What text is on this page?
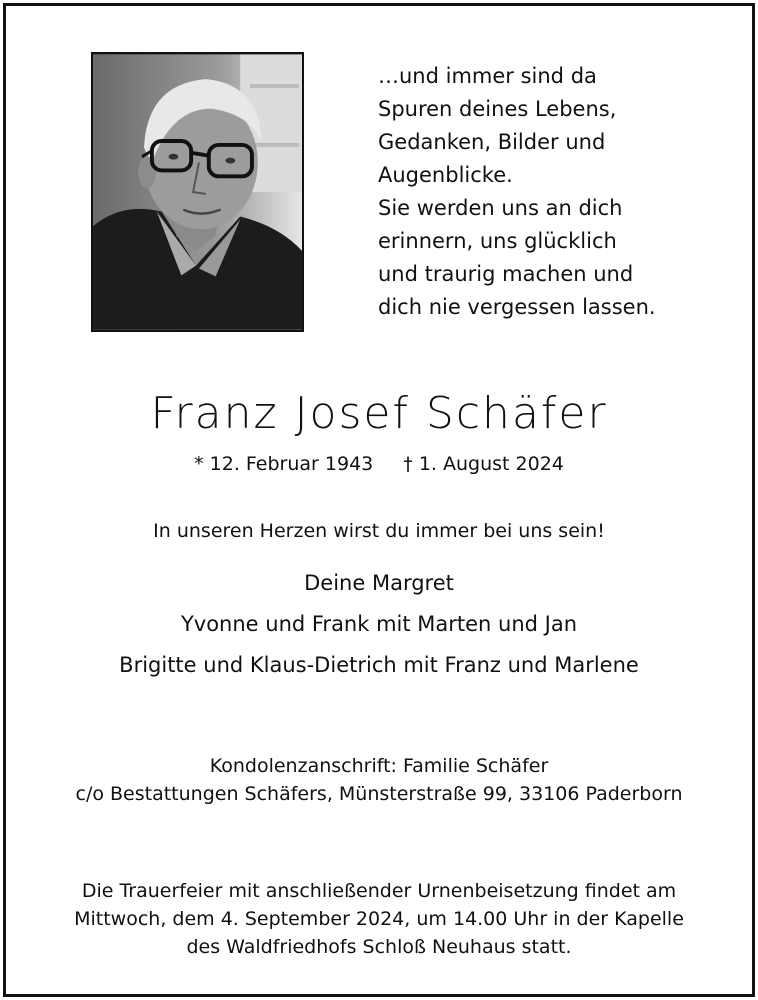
…und immer sind da
Spuren deines Lebens,
Gedanken, Bilder und
Augenblicke.
Sie werden uns an dich
erinnern, uns glücklich
und traurig machen und
dich nie vergessen lassen.
Franz Josef Schäfer
* 12. Februar 1943 † 1. August 2024
In unseren Herzen wirst du immer bei uns sein!
Deine Margret
Yvonne und Frank mit Marten und Jan
Brigitte und Klaus-Dietrich mit Franz und Marlene
Kondolenzanschrift: Familie Schäfer
c/o Bestattungen Schäfers, Münsterstraße 99, 33106 Paderborn
Die Trauerfeier mit anschließender Urnenbeisetzung findet am
Mittwoch, dem 4. September 2024, um 14.00 Uhr in der Kapelle
des Waldfriedhofs Schloß Neuhaus statt.
